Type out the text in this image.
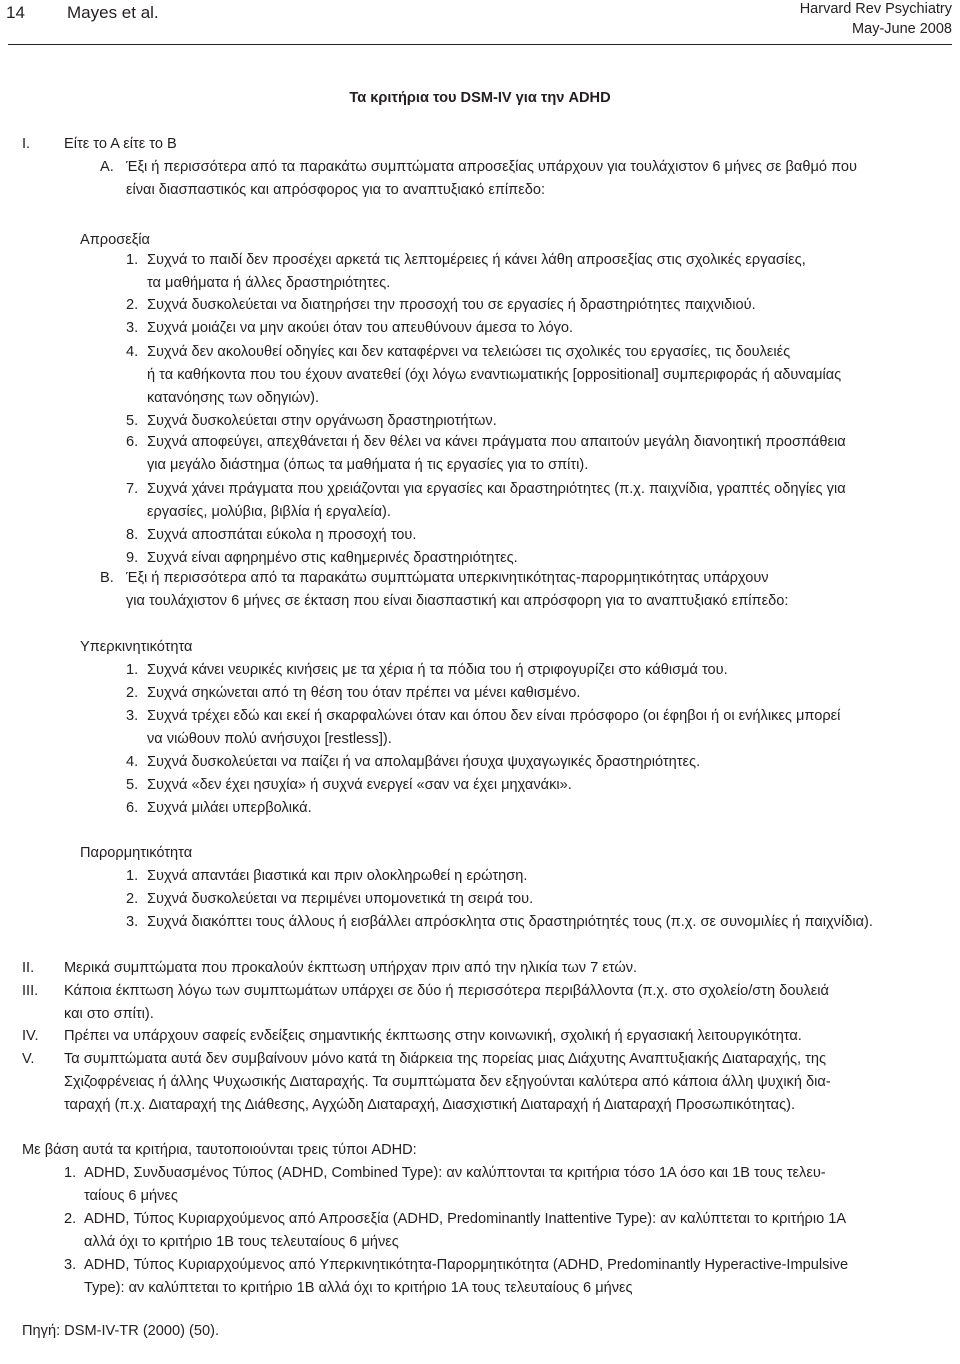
14 Mayes et al.	Harvard Rev Psychiatry
May-June 2008
Τα κριτήρια του DSM-IV για την ADHD
I. Είτε το Α είτε το Β
A. Έξι ή περισσότερα από τα παρακάτω συμπτώματα απροσεξίας υπάρχουν για τουλάχιστον 6 μήνες σε βαθμό που
είναι διασπαστικός και απρόσφορος για το αναπτυξιακό επίπεδο:
Απροσεξία
1. Συχνά το παιδί δεν προσέχει αρκετά τις λεπτομέρειες ή κάνει λάθη απροσεξίας στις σχολικές εργασίες,
τα μαθήματα ή άλλες δραστηριότητες.
2. Συχνά δυσκολεύεται να διατηρήσει την προσοχή του σε εργασίες ή δραστηριότητες παιχνιδιού.
3. Συχνά μοιάζει να μην ακούει όταν του απευθύνουν άμεσα το λόγο.
4. Συχνά δεν ακολουθεί οδηγίες και δεν καταφέρνει να τελειώσει τις σχολικές του εργασίες, τις δουλειές
ή τα καθήκοντα που του έχουν ανατεθεί (όχι λόγω εναντιωματικής [oppositional] συμπεριφοράς ή αδυναμίας
κατανόησης των οδηγιών).
5. Συχνά δυσκολεύεται στην οργάνωση δραστηριοτήτων.
6. Συχνά αποφεύγει, απεχθάνεται ή δεν θέλει να κάνει πράγματα που απαιτούν μεγάλη διανοητική προσπάθεια
για μεγάλο διάστημα (όπως τα μαθήματα ή τις εργασίες για το σπίτι).
7. Συχνά χάνει πράγματα που χρειάζονται για εργασίες και δραστηριότητες (π.χ. παιχνίδια, γραπτές οδηγίες για
εργασίες, μολύβια, βιβλία ή εργαλεία).
8. Συχνά αποσπάται εύκολα η προσοχή του.
9. Συχνά είναι αφηρημένο στις καθημερινές δραστηριότητες.
B. Έξι ή περισσότερα από τα παρακάτω συμπτώματα υπερκινητικότητας-παρορμητικότητας υπάρχουν
για τουλάχιστον 6 μήνες σε έκταση που είναι διασπαστική και απρόσφορη για το αναπτυξιακό επίπεδο:
Υπερκινητικότητα
1. Συχνά κάνει νευρικές κινήσεις με τα χέρια ή τα πόδια του ή στριφογυρίζει στο κάθισμά του.
2. Συχνά σηκώνεται από τη θέση του όταν πρέπει να μένει καθισμένο.
3. Συχνά τρέχει εδώ και εκεί ή σκαρφαλώνει όταν και όπου δεν είναι πρόσφορο (οι έφηβοι ή οι ενήλικες μπορεί
να νιώθουν πολύ ανήσυχοι [restless]).
4. Συχνά δυσκολεύεται να παίζει ή να απολαμβάνει ήσυχα ψυχαγωγικές δραστηριότητες.
5. Συχνά «δεν έχει ησυχία» ή συχνά ενεργεί «σαν να έχει μηχανάκι».
6. Συχνά μιλάει υπερβολικά.
Παρορμητικότητα
1. Συχνά απαντάει βιαστικά και πριν ολοκληρωθεί η ερώτηση.
2. Συχνά δυσκολεύεται να περιμένει υπομονετικά τη σειρά του.
3. Συχνά διακόπτει τους άλλους ή εισβάλλει απρόσκλητα στις δραστηριότητές τους (π.χ. σε συνομιλίες ή παιχνίδια).
II. Μερικά συμπτώματα που προκαλούν έκπτωση υπήρχαν πριν από την ηλικία των 7 ετών.
III. Κάποια έκπτωση λόγω των συμπτωμάτων υπάρχει σε δύο ή περισσότερα περιβάλλοντα (π.χ. στο σχολείο/στη δουλειά
και στο σπίτι).
IV. Πρέπει να υπάρχουν σαφείς ενδείξεις σημαντικής έκπτωσης στην κοινωνική, σχολική ή εργασιακή λειτουργικότητα.
V. Τα συμπτώματα αυτά δεν συμβαίνουν μόνο κατά τη διάρκεια της πορείας μιας Διάχυτης Αναπτυξιακής Διαταραχής, της
Σχιζοφρένειας ή άλλης Ψυχωσικής Διαταραχής. Τα συμπτώματα δεν εξηγούνται καλύτερα από κάποια άλλη ψυχική δια-
ταραχή (π.χ. Διαταραχή της Διάθεσης, Αγχώδη Διαταραχή, Διασχιστική Διαταραχή ή Διαταραχή Προσωπικότητας).
Με βάση αυτά τα κριτήρια, ταυτοποιούνται τρεις τύποι ADHD:
1. ADHD, Συνδυασμένος Τύπος (ADHD, Combined Type): αν καλύπτονται τα κριτήρια τόσο 1A όσο και 1B τους τελευ-
ταίους 6 μήνες
2. ADHD, Τύπος Κυριαρχούμενος από Απροσεξία (ADHD, Predominantly Inattentive Type): αν καλύπτεται το κριτήριο 1A
αλλά όχι το κριτήριο 1B τους τελευταίους 6 μήνες
3. ADHD, Τύπος Κυριαρχούμενος από Υπερκινητικότητα-Παρορμητικότητα (ADHD, Predominantly Hyperactive-Impulsive
Type): αν καλύπτεται το κριτήριο 1B αλλά όχι το κριτήριο 1A τους τελευταίους 6 μήνες
Πηγή: DSM-IV-TR (2000) (50).
